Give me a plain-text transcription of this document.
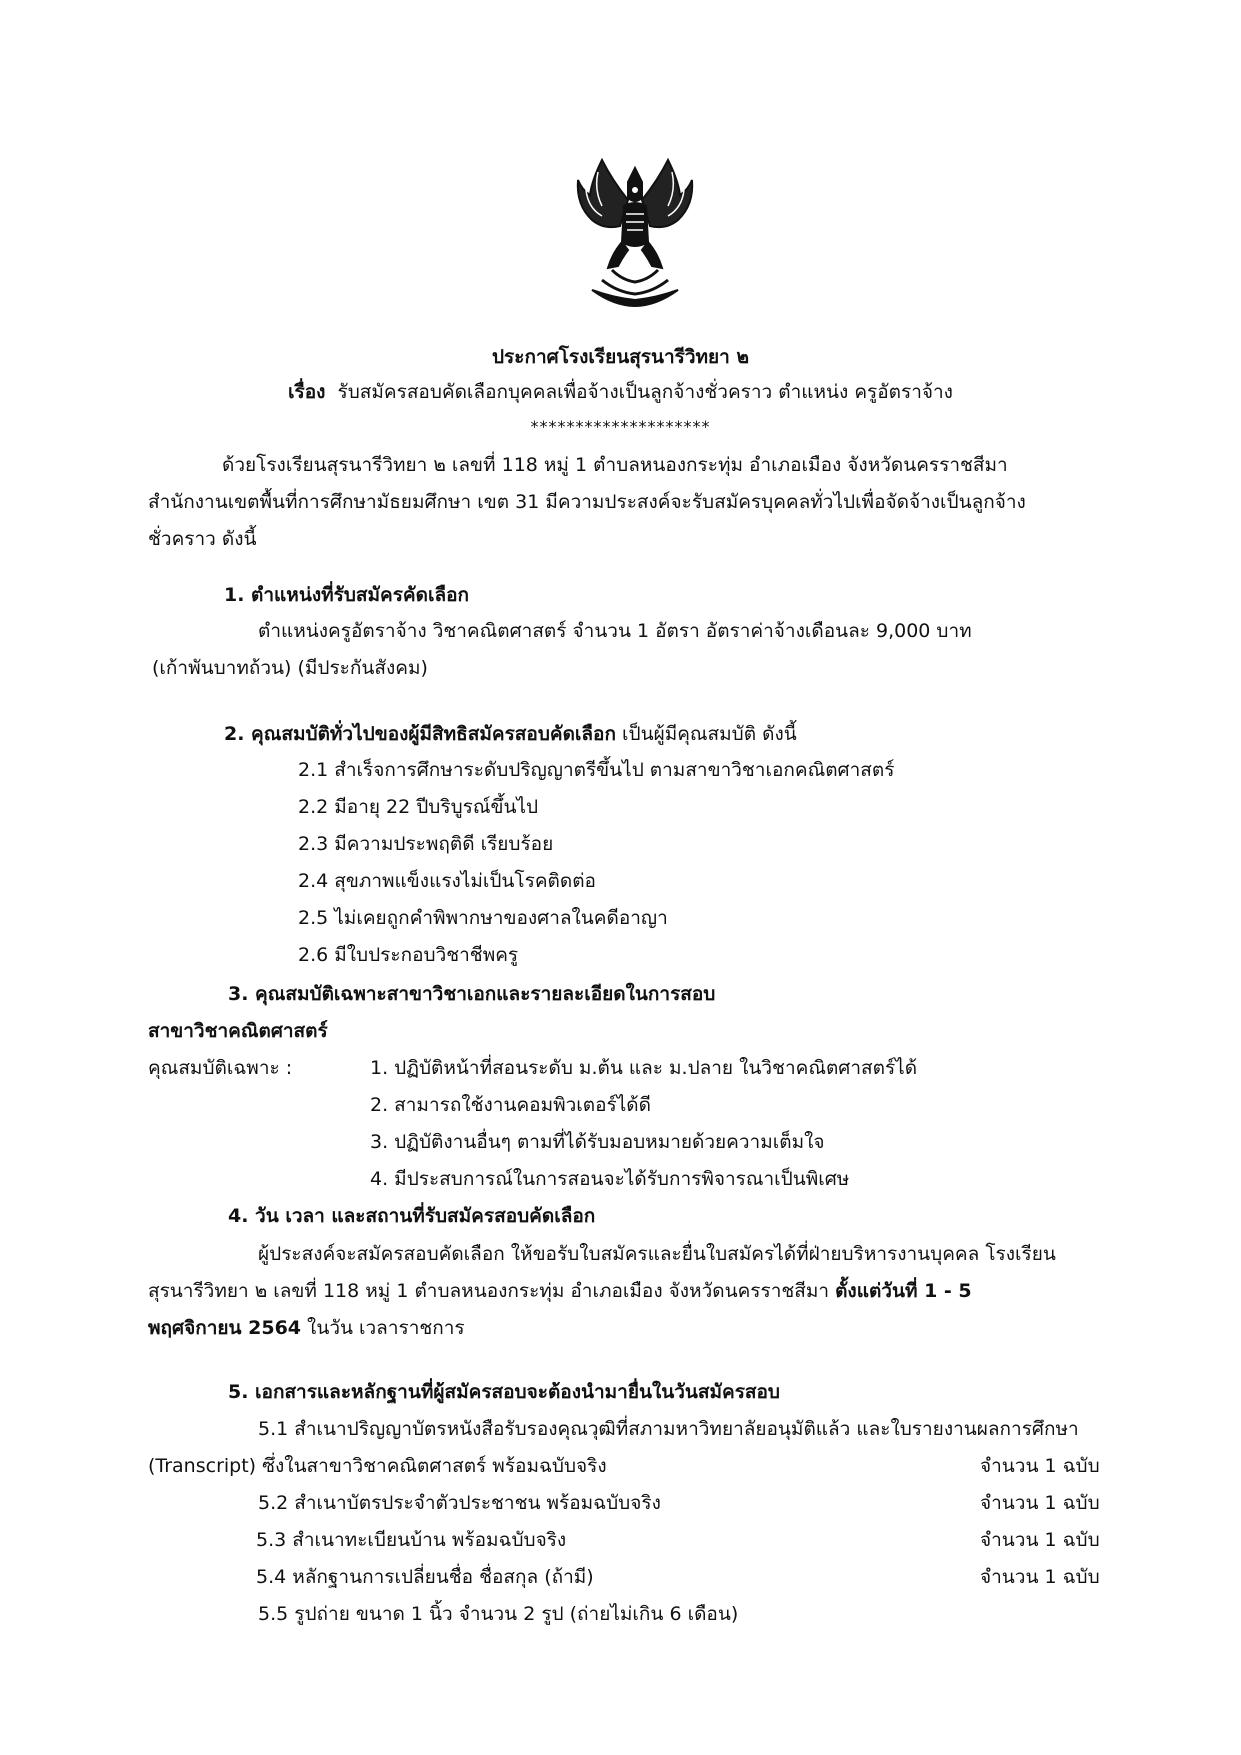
ประกาศโรงเรียนสุรนารีวิทยา ๒
เรื่อง รับสมัครสอบคัดเลือกบุคคลเพื่อจ้างเป็นลูกจ้างชั่วคราว ตำแหน่ง ครูอัตราจ้าง
********************
ด้วยโรงเรียนสุรนารีวิทยา ๒ เลขที่ 118 หมู่ 1 ตำบลหนองกระทุ่ม อำเภอเมือง จังหวัดนครราชสีมา
สำนักงานเขตพื้นที่การศึกษามัธยมศึกษา เขต 31 มีความประสงค์จะรับสมัครบุคคลทั่วไปเพื่อจัดจ้างเป็นลูกจ้าง
ชั่วคราว ดังนี้
1. ตำแหน่งที่รับสมัครคัดเลือก
ตำแหน่งครูอัตราจ้าง วิชาคณิตศาสตร์ จำนวน 1 อัตรา อัตราค่าจ้างเดือนละ 9,000 บาท
(เก้าพันบาทถ้วน) (มีประกันสังคม)
2. คุณสมบัติทั่วไปของผู้มีสิทธิสมัครสอบคัดเลือก เป็นผู้มีคุณสมบัติ ดังนี้
2.1 สำเร็จการศึกษาระดับปริญญาตรีขึ้นไป ตามสาขาวิชาเอกคณิตศาสตร์
2.2 มีอายุ 22 ปีบริบูรณ์ขึ้นไป
2.3 มีความประพฤติดี เรียบร้อย
2.4 สุขภาพแข็งแรงไม่เป็นโรคติดต่อ
2.5 ไม่เคยถูกคำพิพากษาของศาลในคดีอาญา
2.6 มีใบประกอบวิชาชีพครู
3. คุณสมบัติเฉพาะสาขาวิชาเอกและรายละเอียดในการสอบ
สาขาวิชาคณิตศาสตร์
คุณสมบัติเฉพาะ :	1. ปฏิบัติหน้าที่สอนระดับ ม.ต้น และ ม.ปลาย ในวิชาคณิตศาสตร์ได้
2. สามารถใช้งานคอมพิวเตอร์ได้ดี
3. ปฏิบัติงานอื่นๆ ตามที่ได้รับมอบหมายด้วยความเต็มใจ
4. มีประสบการณ์ในการสอนจะได้รับการพิจารณาเป็นพิเศษ
4. วัน เวลา และสถานที่รับสมัครสอบคัดเลือก
ผู้ประสงค์จะสมัครสอบคัดเลือก ให้ขอรับใบสมัครและยื่นใบสมัครได้ที่ฝ่ายบริหารงานบุคคล โรงเรียน
สุรนารีวิทยา ๒ เลขที่ 118 หมู่ 1 ตำบลหนองกระทุ่ม อำเภอเมือง จังหวัดนครราชสีมา ตั้งแต่วันที่ 1 - 5
พฤศจิกายน 2564 ในวัน เวลาราชการ
5. เอกสารและหลักฐานที่ผู้สมัครสอบจะต้องนำมายื่นในวันสมัครสอบ
5.1 สำเนาปริญญาบัตรหนังสือรับรองคุณวุฒิที่สภามหาวิทยาลัยอนุมัติแล้ว และใบรายงานผลการศึกษา
(Transcript) ซึ่งในสาขาวิชาคณิตศาสตร์ พร้อมฉบับจริง	จำนวน 1 ฉบับ
5.2 สำเนาบัตรประจำตัวประชาชน พร้อมฉบับจริง	จำนวน 1 ฉบับ
5.3 สำเนาทะเบียนบ้าน พร้อมฉบับจริง	จำนวน 1 ฉบับ
5.4 หลักฐานการเปลี่ยนชื่อ ชื่อสกุล (ถ้ามี)	จำนวน 1 ฉบับ
5.5 รูปถ่าย ขนาด 1 นิ้ว จำนวน 2 รูป (ถ่ายไม่เกิน 6 เดือน)
